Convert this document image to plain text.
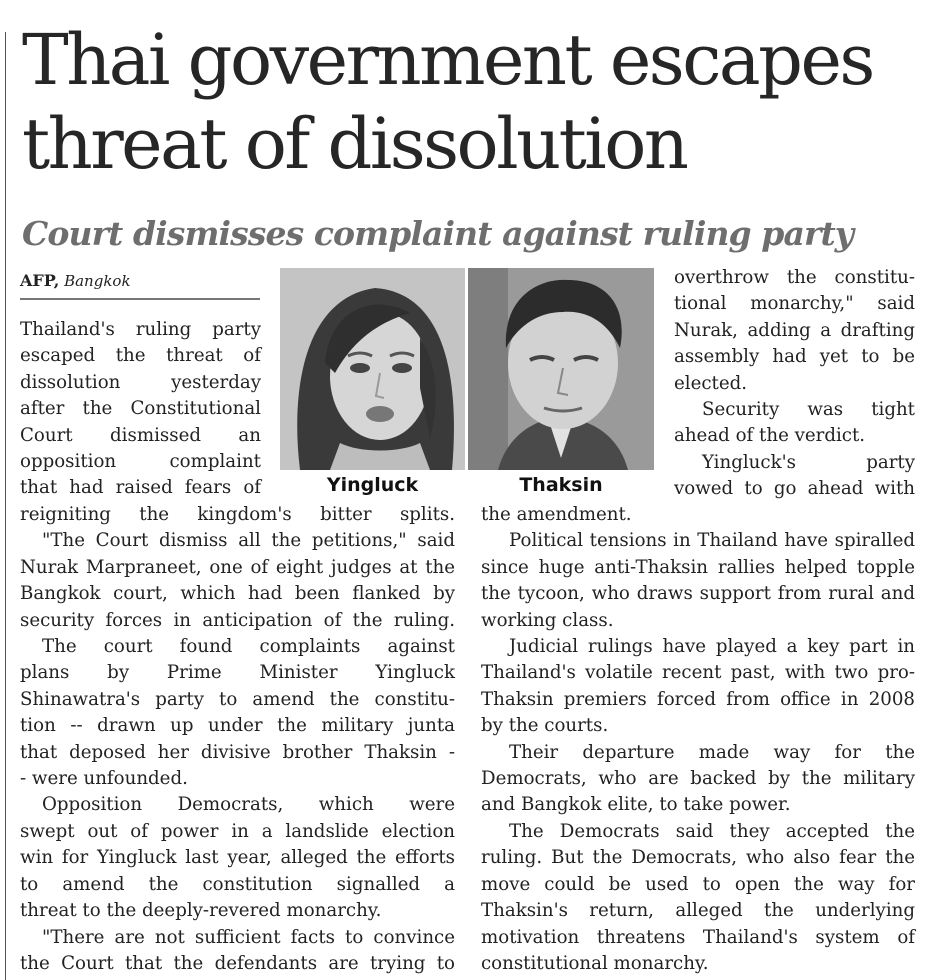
Thai government escapes
threat of dissolution
Court dismisses complaint against ruling party
AFP, Bangkok
Yingluck	Thaksin
Thailand's ruling party
escaped the threat of
dissolution yesterday
after the Constitutional
Court dismissed an
opposition complaint
that had raised fears of
reigniting the kingdom's bitter splits.
"The Court dismiss all the petitions," said
Nurak Marpraneet, one of eight judges at the
Bangkok court, which had been flanked by
security forces in anticipation of the ruling.
The court found complaints against
plans by Prime Minister Yingluck
Shinawatra's party to amend the constitu-
tion -- drawn up under the military junta
that deposed her divisive brother Thaksin -
- were unfounded.
Opposition Democrats, which were
swept out of power in a landslide election
win for Yingluck last year, alleged the efforts
to amend the constitution signalled a
threat to the deeply-revered monarchy.
"There are not sufficient facts to convince
the Court that the defendants are trying to
overthrow the constitu-
tional monarchy," said
Nurak, adding a drafting
assembly had yet to be
elected.
Security was tight
ahead of the verdict.
Yingluck's party
vowed to go ahead with
the amendment.
Political tensions in Thailand have spiralled
since huge anti-Thaksin rallies helped topple
the tycoon, who draws support from rural and
working class.
Judicial rulings have played a key part in
Thailand's volatile recent past, with two pro-
Thaksin premiers forced from office in 2008
by the courts.
Their departure made way for the
Democrats, who are backed by the military
and Bangkok elite, to take power.
The Democrats said they accepted the
ruling. But the Democrats, who also fear the
move could be used to open the way for
Thaksin's return, alleged the underlying
motivation threatens Thailand's system of
constitutional monarchy.
